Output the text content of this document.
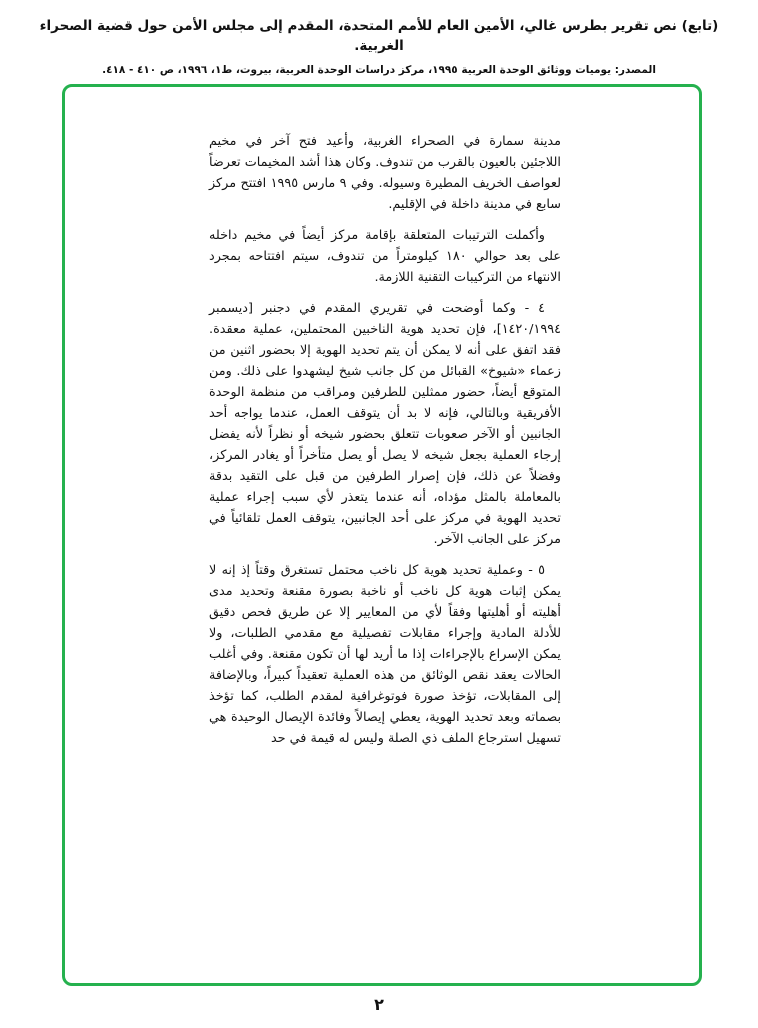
(تابع) نص تقرير بطرس غالي، الأمين العام للأمم المتحدة، المقدم إلى مجلس الأمن حول قضية الصحراء الغربية.
المصدر: يوميات ووثائق الوحدة العربية ١٩٩٥، مركز دراسات الوحدة العربية، بيروت، ط١، ١٩٩٦، ص ٤١٠ - ٤١٨.

مدينة سمارة في الصحراء الغربية، وأعيد فتح آخر في مخيم اللاجئين بالعيون بالقرب من تندوف. وكان هذا أشد المخيمات تعرضاً لعواصف الخريف المطيرة وسيوله. وفي ٩ مارس ١٩٩٥ افتتح مركز سابع في مدينة داخلة في الإقليم.

وأكملت الترتيبات المتعلقة بإقامة مركز أيضاً في مخيم داخله على بعد حوالي ١٨٠ كيلومتراً من تندوف، سيتم افتتاحه بمجرد الانتهاء من التركيبات التقنية اللازمة.

٤ - وكما أوضحت في تقريري المقدم في دجنبر [ديسمبر ١٤٢٠/١٩٩٤]، فإن تحديد هوية الناخبين المحتملين، عملية معقدة. فقد اتفق على أنه لا يمكن أن يتم تحديد الهوية إلا بحضور اثنين من زعماء «شيوخ» القبائل من كل جانب شيخ ليشهدوا على ذلك. ومن المتوقع أيضاً، حضور ممثلين للطرفين ومراقب من منظمة الوحدة الأفريقية وبالتالي، فإنه لا بد أن يتوقف العمل، عندما يواجه أحد الجانبين أو الآخر صعوبات تتعلق بحضور شيخه أو نظراً لأنه يفضل إرجاء العملية بجعل شيخه لا يصل أو يصل متأخراً أو يغادر المركز، وفضلاً عن ذلك، فإن إصرار الطرفين من قبل على التقيد بدقة بالمعاملة بالمثل مؤداه، أنه عندما يتعذر لأي سبب إجراء عملية تحديد الهوية في مركز على أحد الجانبين، يتوقف العمل تلقائياً في مركز على الجانب الآخر.

٥ - وعملية تحديد هوية كل ناخب محتمل تستغرق وقتاً إذ إنه لا يمكن إثبات هوية كل ناخب أو ناخبة بصورة مقنعة وتحديد مدى أهليته أو أهليتها وفقاً لأي من المعايير إلا عن طريق فحص دقيق للأدلة المادية وإجراء مقابلات تفصيلية مع مقدمي الطلبات، ولا يمكن الإسراع بالإجراءات إذا ما أريد لها أن تكون مقنعة. وفي أغلب الحالات يعقد نقص الوثائق من هذه العملية تعقيداً كبيراً، وبالإضافة إلى المقابلات، تؤخذ صورة فوتوغرافية لمقدم الطلب، كما تؤخذ بصماته وبعد تحديد الهوية، يعطي إيصالاً وفائدة الإيصال الوحيدة هي تسهيل استرجاع الملف ذي الصلة وليس له قيمة في حد

٢
